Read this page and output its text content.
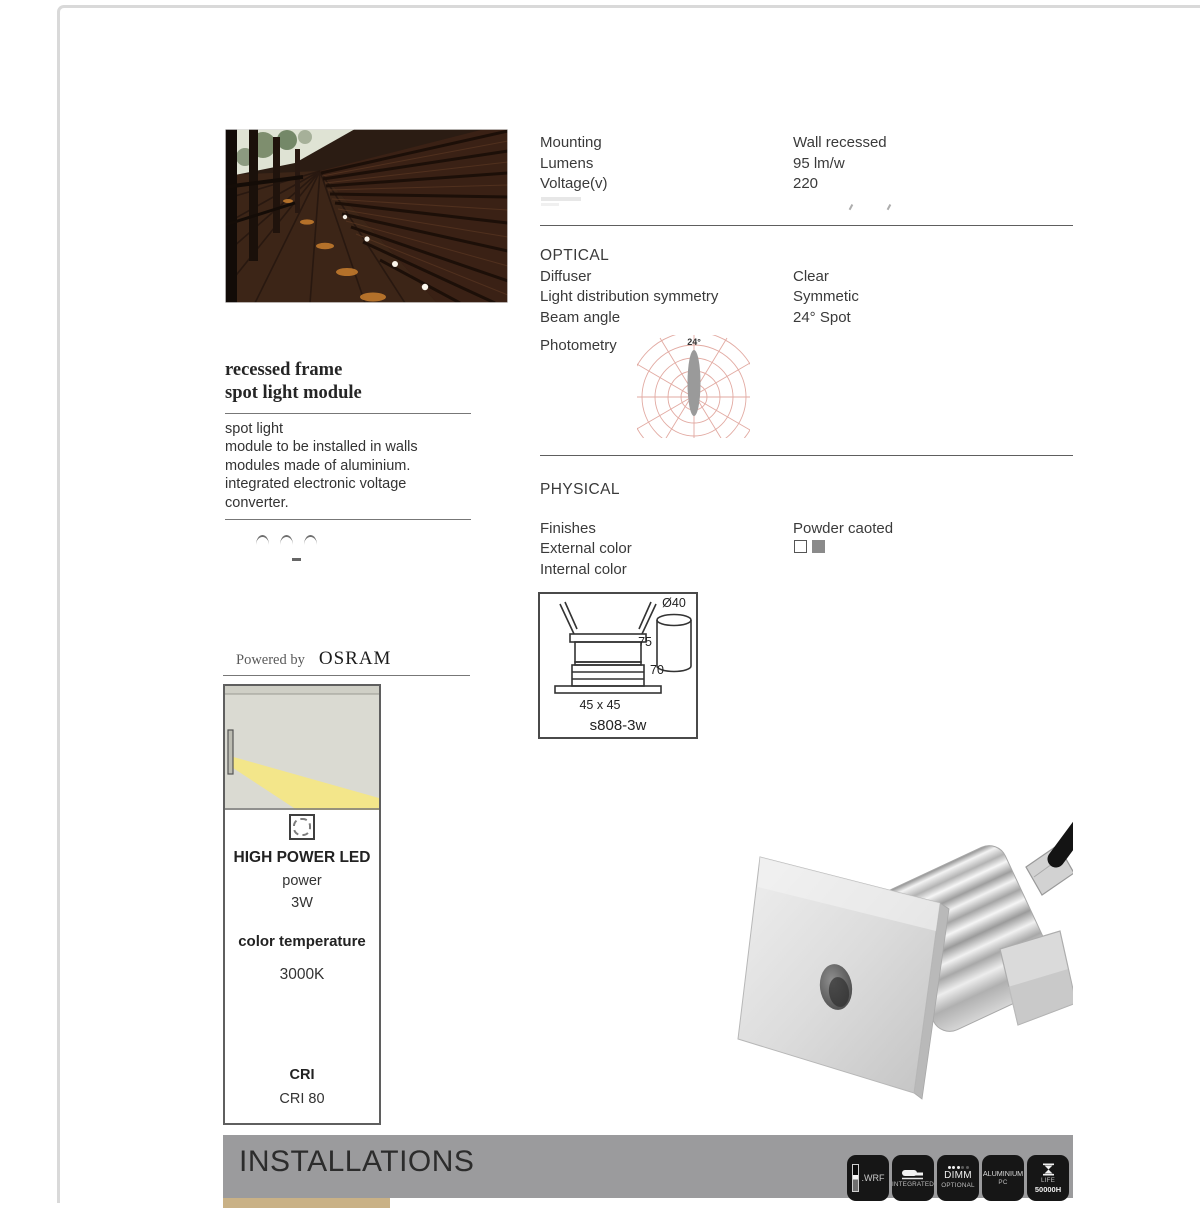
Mounting	Wall recessed
Lumens	95 lm/w
Voltage(v)	220
OPTICAL
Diffuser	Clear
Light distribution symmetry	Symmetic
Beam angle	24° Spot
Photometry	24°
PHYSICAL
Finishes	Powder caoted
External color
Internal color
70
45 x 45
Ø40
75
s808-3w
recessed frame
spot light module
spot light
module to be installed in walls
modules made of aluminium.
integrated electronic voltage
converter.
Powered by OSRAM
HIGH POWER LED
power
3W
color temperature
3000K
CRI
CRI 80
INSTALLATIONS	.WRF
INTEGRATED
DIMM
OPTIONAL
ALUMINIUM
PC	LIFE
50000H
